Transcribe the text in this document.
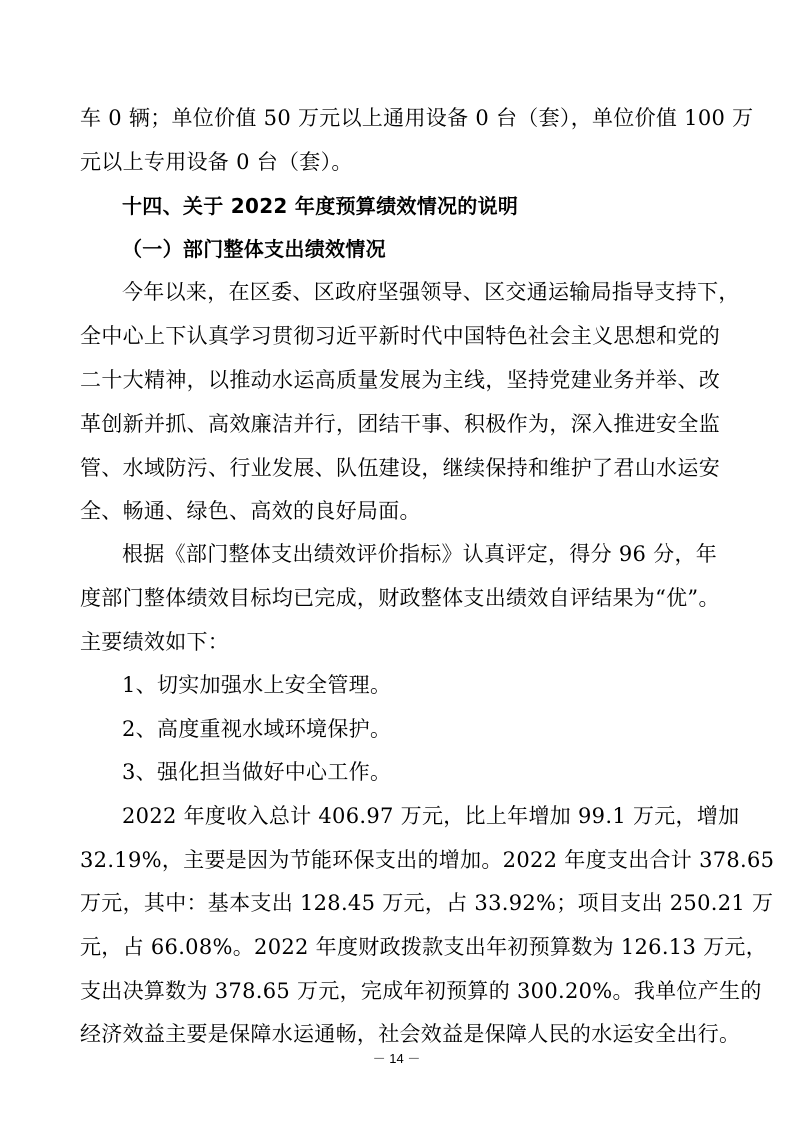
车 0 辆；单位价值 50 万元以上通用设备 0 台（套），单位价值 100 万
元以上专用设备 0 台（套）。
十四、关于 2022 年度预算绩效情况的说明
（一）部门整体支出绩效情况
今年以来，在区委、区政府坚强领导、区交通运输局指导支持下，
全中心上下认真学习贯彻习近平新时代中国特色社会主义思想和党的
二十大精神，以推动水运高质量发展为主线，坚持党建业务并举、改
革创新并抓、高效廉洁并行，团结干事、积极作为，深入推进安全监
管、水域防污、行业发展、队伍建设，继续保持和维护了君山水运安
全、畅通、绿色、高效的良好局面。
根据《部门整体支出绩效评价指标》认真评定，得分 96 分，年
度部门整体绩效目标均已完成，财政整体支出绩效自评结果为“优”。
主要绩效如下：
1、切实加强水上安全管理。
2、高度重视水域环境保护。
3、强化担当做好中心工作。
2022 年度收入总计 406.97 万元，比上年增加 99.1 万元，增加
32.19%，主要是因为节能环保支出的增加。2022 年度支出合计 378.65
万元，其中：基本支出 128.45 万元，占 33.92%；项目支出 250.21 万
元，占 66.08%。2022 年度财政拨款支出年初预算数为 126.13 万元，
支出决算数为 378.65 万元，完成年初预算的 300.20%。我单位产生的
经济效益主要是保障水运通畅，社会效益是保障人民的水运安全出行。
－ 14 －
